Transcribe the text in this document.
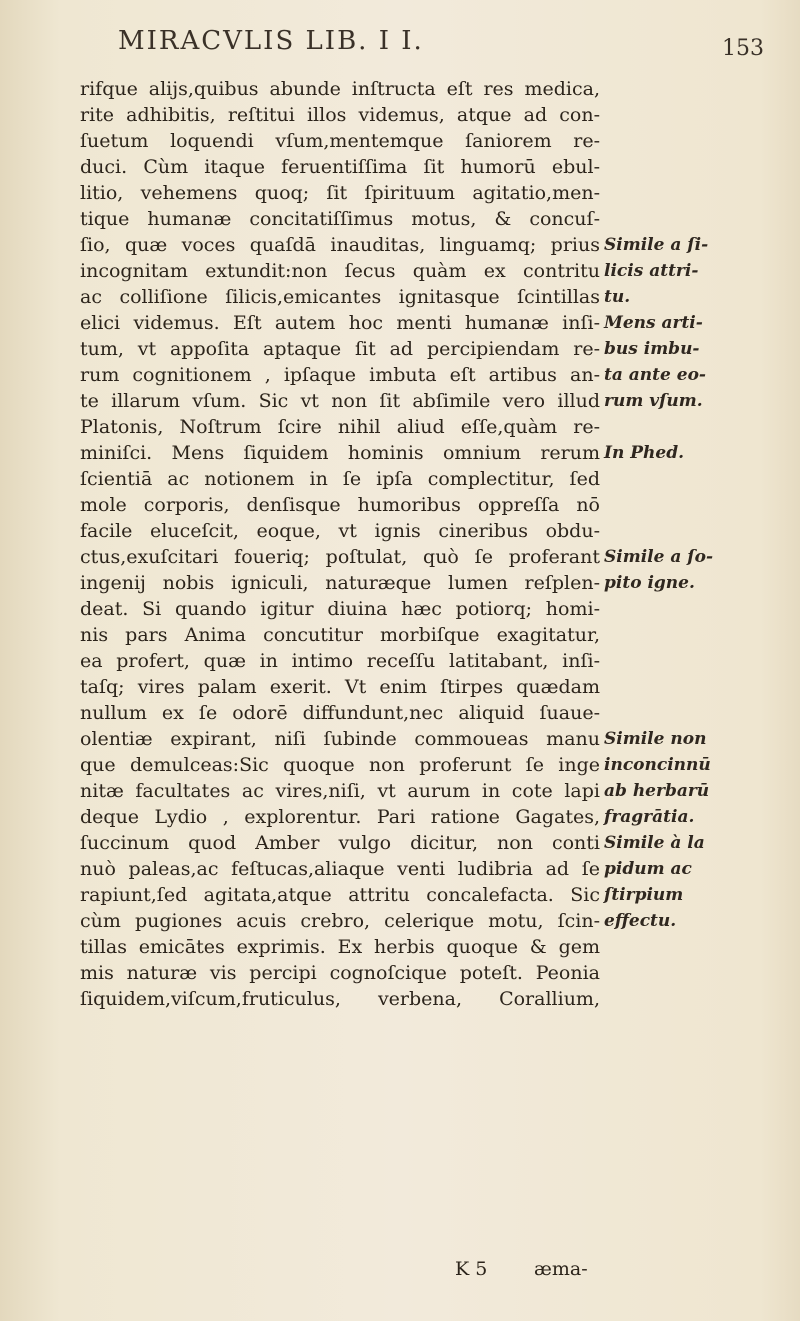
MIRACVLIS LIB. I I.	153
rifque alijs,quibus abunde inſtructa eſt res medica,
rite adhibitis, reſtitui illos videmus, atque ad con-
ſuetum loquendi vſum,mentemque ſaniorem re-
duci. Cùm itaque feruentiſſima ſit humorū ebul-
litio, vehemens quoq; ſit ſpirituum agitatio,men-
tique humanæ concitatiſſimus motus, & concuſ-
ſio, quæ voces quaſdā inauditas, linguamq; prius
incognitam extundit:non ſecus quàm ex contritu
ac colliſione ſilicis,emicantes ignitasque ſcintillas
elici videmus. Eſt autem hoc menti humanæ inſi-
tum, vt appoſita aptaque ſit ad percipiendam re-
rum cognitionem , ipſaque imbuta eſt artibus an-
te illarum vſum. Sic vt non ſit abſimile vero illud
Platonis, Noſtrum ſcire nihil aliud eſſe,quàm re-
miniſci. Mens ſiquidem hominis omnium rerum
ſcientiā ac notionem in ſe ipſa complectitur, ſed
mole corporis, denſisque humoribus oppreſſa nō
facile eluceſcit, eoque, vt ignis cineribus obdu-
ctus,exuſcitari foueriq; poſtulat, quò ſe proferant
ingenij nobis igniculi, naturæque lumen reſplen-
deat. Si quando igitur diuina hæc potiorq; homi-
nis pars Anima concutitur morbiſque exagitatur,
ea profert, quæ in intimo receſſu latitabant, inſi-
taſq; vires palam exerit. Vt enim ſtirpes quædam
nullum ex ſe odorē diffundunt,nec aliquid ſuaue-
olentiæ expirant, niſi ſubinde commoueas manu
que demulceas:Sic quoque non proferunt ſe inge
nitæ facultates ac vires,niſi, vt aurum in cote lapi
deque Lydio , explorentur. Pari ratione Gagates,
ſuccinum quod Amber vulgo dicitur, non conti
nuò paleas,ac feſtucas,aliaque venti ludibria ad ſe
rapiunt,ſed agitata,atque attritu concalefacta. Sic
cùm pugiones acuis crebro, celerique motu, ſcin-
tillas emicātes exprimis. Ex herbis quoque & gem
mis naturæ vis percipi cognoſcique poteſt. Peonia
ſiquidem,viſcum,fruticulus, verbena, Corallium,
Simile a ſi-
licis attri-
tu.
Mens arti-
bus imbu-
ta ante eo-
rum vſum.
In Phed.
Simile a ſo-
pito igne.
Simile non
inconcinnū
ab herbarū
fragrātia.
Simile à la
pidum ac
ſtirpium
effectu.
K 5 æma-
